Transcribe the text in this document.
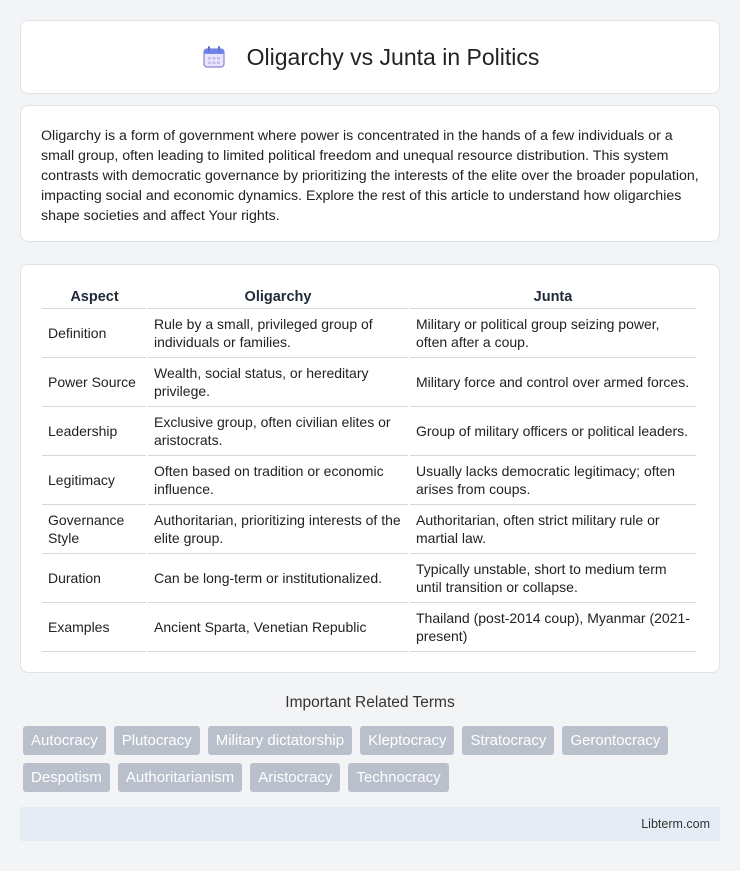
Oligarchy vs Junta in Politics

Oligarchy is a form of government where power is concentrated in the hands of a few individuals or a small group, often leading to limited political freedom and unequal resource distribution. This system contrasts with democratic governance by prioritizing the interests of the elite over the broader population, impacting social and economic dynamics. Explore the rest of this article to understand how oligarchies shape societies and affect Your rights.

Aspect	Oligarchy	Junta
Definition	Rule by a small, privileged group of individuals or families.	Military or political group seizing power, often after a coup.
Power Source	Wealth, social status, or hereditary privilege.	Military force and control over armed forces.
Leadership	Exclusive group, often civilian elites or aristocrats.	Group of military officers or political leaders.
Legitimacy	Often based on tradition or economic influence.	Usually lacks democratic legitimacy; often arises from coups.
Governance Style	Authoritarian, prioritizing interests of the elite group.	Authoritarian, often strict military rule or martial law.
Duration	Can be long-term or institutionalized.	Typically unstable, short to medium term until transition or collapse.
Examples	Ancient Sparta, Venetian Republic	Thailand (post-2014 coup), Myanmar (2021-present)
Important Related Terms
Autocracy	Plutocracy	Military dictatorship	Kleptocracy	Stratocracy	Gerontocracy
Despotism	Authoritarianism	Aristocracy	Technocracy
Libterm.com
